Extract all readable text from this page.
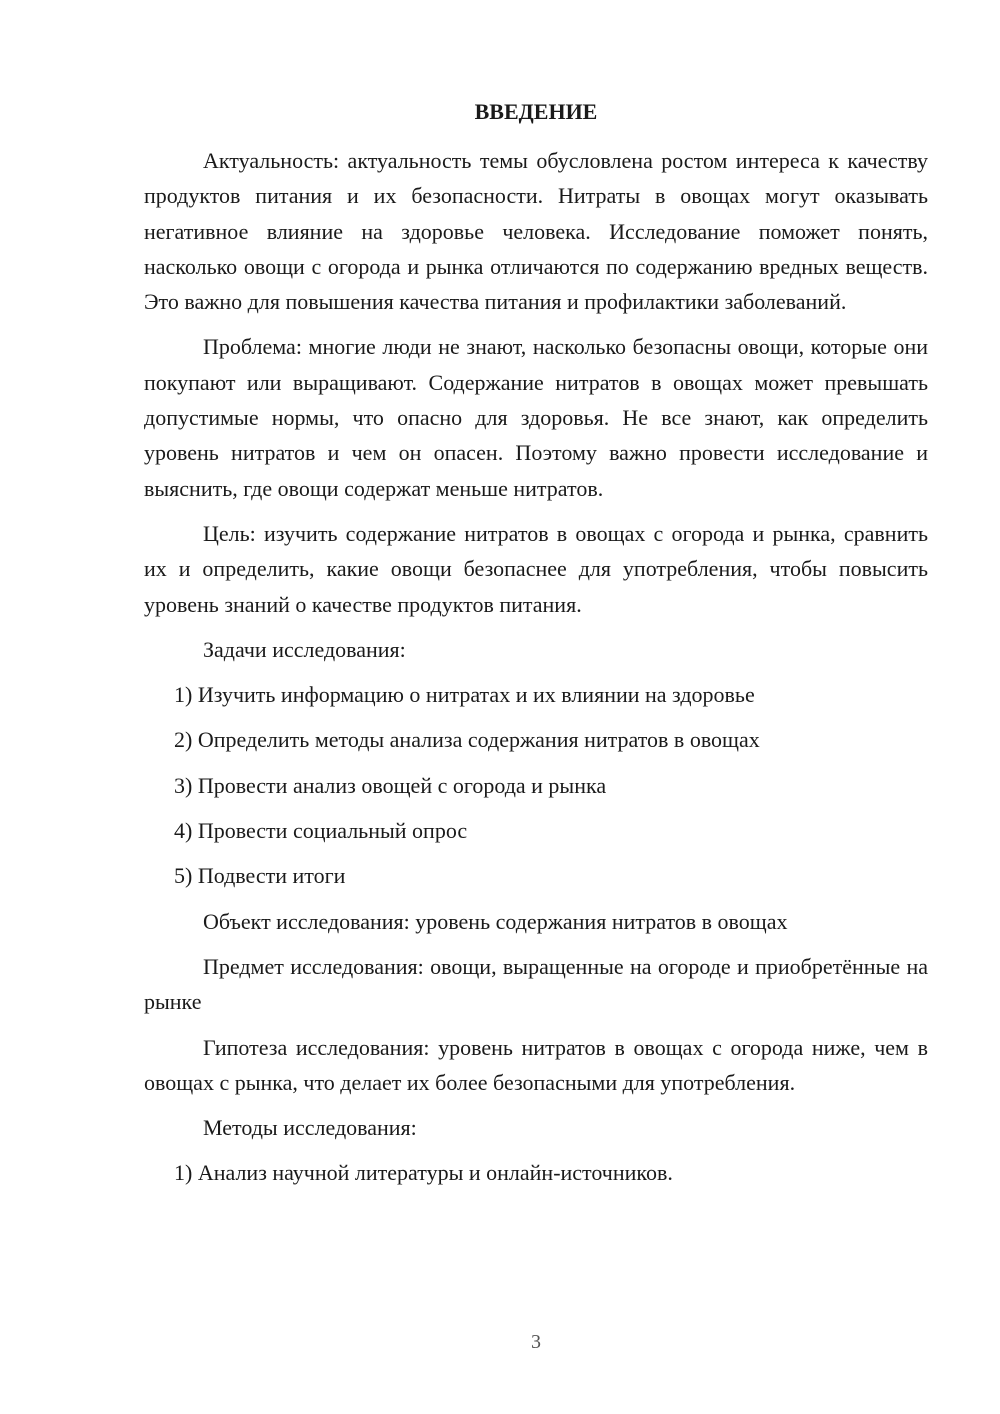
ВВЕДЕНИЕ

Актуальность: актуальность темы обусловлена ростом интереса к качеству продуктов питания и их безопасности. Нитраты в овощах могут оказывать негативное влияние на здоровье человека. Исследование поможет понять, насколько овощи с огорода и рынка отличаются по содержанию вредных веществ. Это важно для повышения качества питания и профилактики заболеваний.

Проблема: многие люди не знают, насколько безопасны овощи, которые они покупают или выращивают. Содержание нитратов в овощах может превышать допустимые нормы, что опасно для здоровья. Не все знают, как определить уровень нитратов и чем он опасен. Поэтому важно провести исследование и выяснить, где овощи содержат меньше нитратов.

Цель: изучить содержание нитратов в овощах с огорода и рынка, сравнить их и определить, какие овощи безопаснее для употребления, чтобы повысить уровень знаний о качестве продуктов питания.

Задачи исследования:

1) Изучить информацию о нитратах и их влиянии на здоровье

2) Определить методы анализа содержания нитратов в овощах

3) Провести анализ овощей с огорода и рынка

4) Провести социальный опрос

5) Подвести итоги

Объект исследования: уровень содержания нитратов в овощах

Предмет исследования: овощи, выращенные на огороде и приобретённые на рынке

Гипотеза исследования: уровень нитратов в овощах с огорода ниже, чем в овощах с рынка, что делает их более безопасными для употребления.

Методы исследования:

1) Анализ научной литературы и онлайн-источников.

3
